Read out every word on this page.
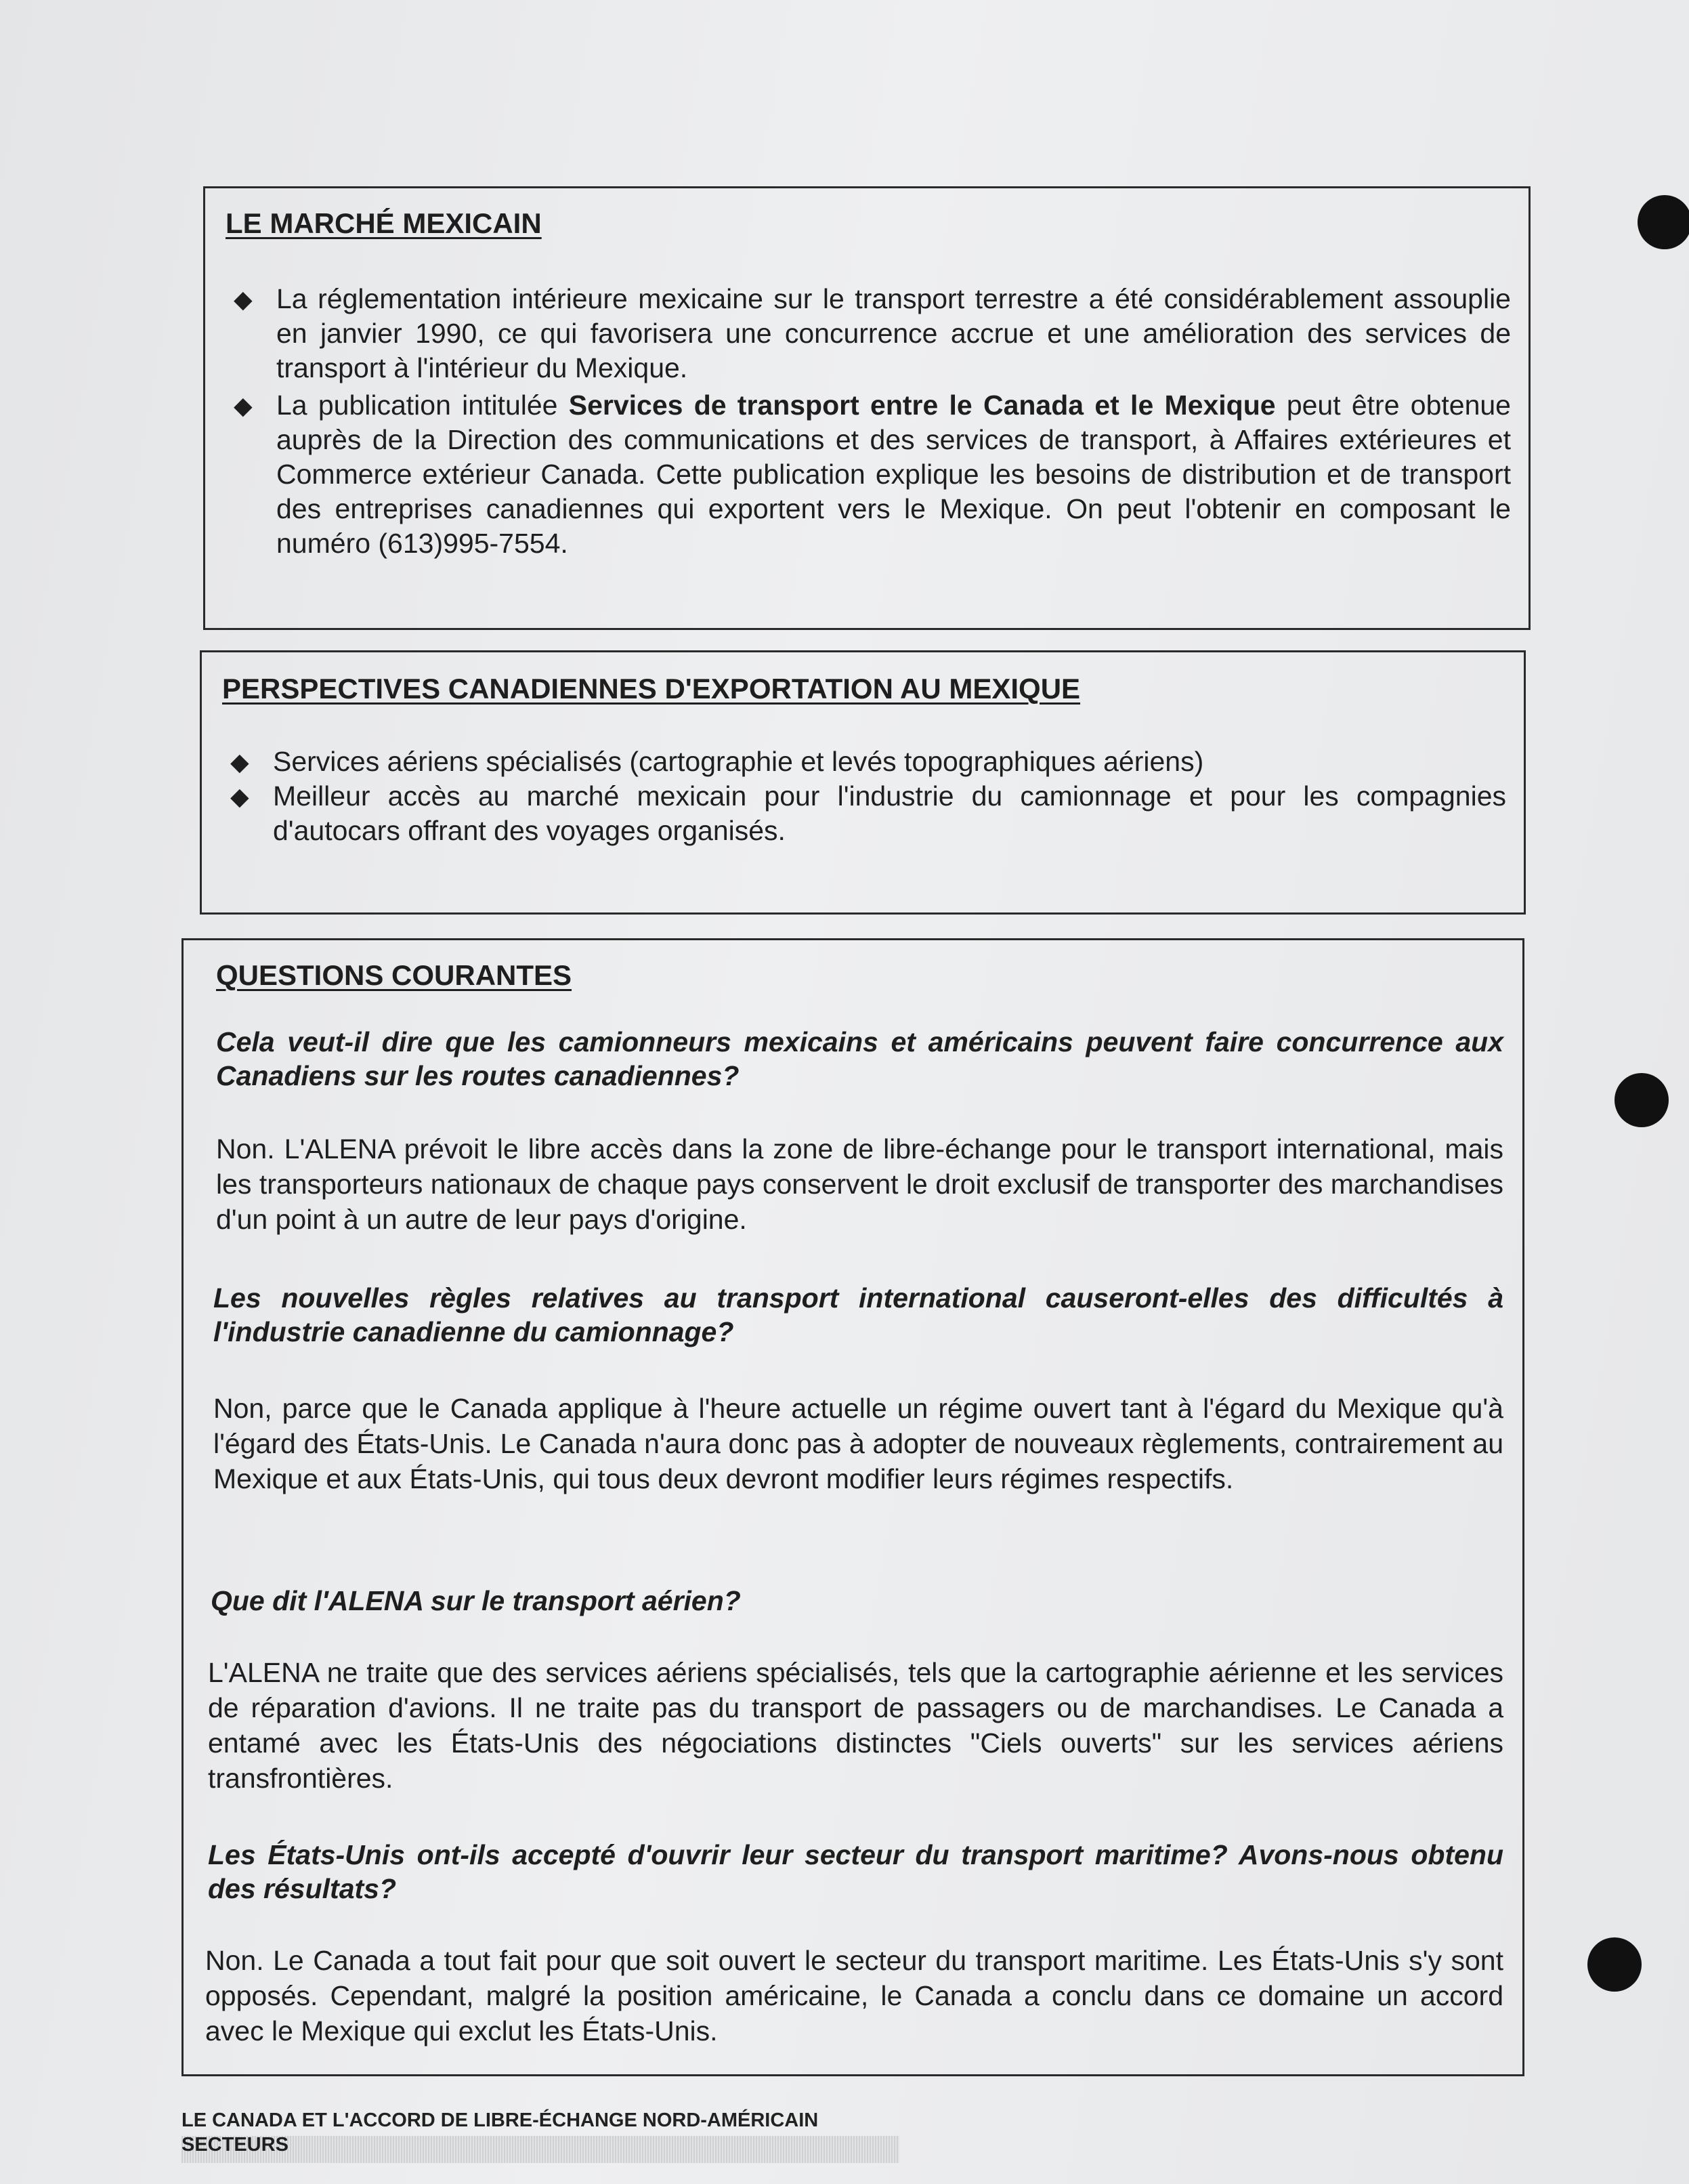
LE MARCHÉ MEXICAIN
◆ La réglementation intérieure mexicaine sur le transport terrestre a été considérablement assouplie en janvier 1990, ce qui favorisera une concurrence accrue et une amélioration des services de transport à l'intérieur du Mexique.
◆ La publication intitulée Services de transport entre le Canada et le Mexique peut être obtenue auprès de la Direction des communications et des services de transport, à Affaires extérieures et Commerce extérieur Canada. Cette publication explique les besoins de distribution et de transport des entreprises canadiennes qui exportent vers le Mexique. On peut l'obtenir en composant le numéro (613)995-7554.
PERSPECTIVES CANADIENNES D'EXPORTATION AU MEXIQUE
◆ Services aériens spécialisés (cartographie et levés topographiques aériens)
◆ Meilleur accès au marché mexicain pour l'industrie du camionnage et pour les compagnies d'autocars offrant des voyages organisés.
QUESTIONS COURANTES

Cela veut-il dire que les camionneurs mexicains et américains peuvent faire concurrence aux Canadiens sur les routes canadiennes?

Non. L'ALENA prévoit le libre accès dans la zone de libre-échange pour le transport international, mais les transporteurs nationaux de chaque pays conservent le droit exclusif de transporter des marchandises d'un point à un autre de leur pays d'origine.

Les nouvelles règles relatives au transport international causeront-elles des difficultés à l'industrie canadienne du camionnage?

Non, parce que le Canada applique à l'heure actuelle un régime ouvert tant à l'égard du Mexique qu'à l'égard des États-Unis. Le Canada n'aura donc pas à adopter de nouveaux règlements, contrairement au Mexique et aux États-Unis, qui tous deux devront modifier leurs régimes respectifs.

Que dit l'ALENA sur le transport aérien?

L'ALENA ne traite que des services aériens spécialisés, tels que la cartographie aérienne et les services de réparation d'avions. Il ne traite pas du transport de passagers ou de marchandises. Le Canada a entamé avec les États-Unis des négociations distinctes "Ciels ouverts" sur les services aériens transfrontières.

Les États-Unis ont-ils accepté d'ouvrir leur secteur du transport maritime? Avons-nous obtenu des résultats?

Non. Le Canada a tout fait pour que soit ouvert le secteur du transport maritime. Les États-Unis s'y sont opposés. Cependant, malgré la position américaine, le Canada a conclu dans ce domaine un accord avec le Mexique qui exclut les États-Unis.

LE CANADA ET L'ACCORD DE LIBRE-ÉCHANGE NORD-AMÉRICAIN
SECTEURS
